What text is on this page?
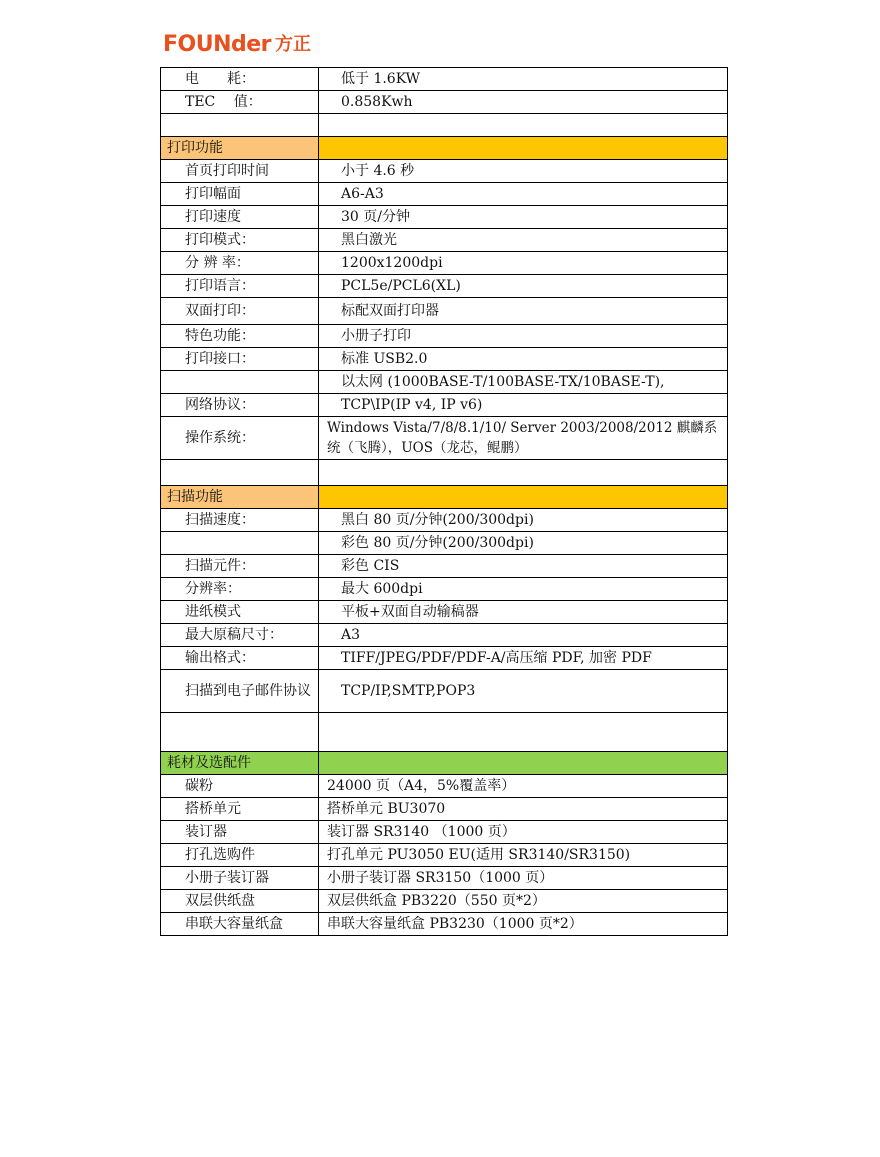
FOUNder 方正
电　　耗：	低于 1.6KW
TEC　 值：	0.858Kwh

打印功能	
首页打印时间	小于 4.6 秒
打印幅面	A6-A3
打印速度	30 页/分钟
打印模式：	黑白激光
分 辨 率：	1200x1200dpi
打印语言：	PCL5e/PCL6(XL)
双面打印：	标配双面打印器
特色功能：	小册子打印
打印接口：	标准 USB2.0
	以太网 (1000BASE-T/100BASE-TX/10BASE-T),
网络协议：	TCP\IP(IP v4, IP v6)
操作系统：	Windows Vista/7/8/8.1/10/ Server 2003/2008/2012 麒麟系统（飞腾），UOS（龙芯，鲲鹏）

扫描功能	
扫描速度：	黑白 80 页/分钟(200/300dpi)
	彩色 80 页/分钟(200/300dpi)
扫描元件：	彩色 CIS
分辨率：	最大 600dpi
进纸模式	平板+双面自动输稿器
最大原稿尺寸：	A3
输出格式：	TIFF/JPEG/PDF/PDF-A/高压缩 PDF, 加密 PDF
扫描到电子邮件协议	TCP/IP,SMTP,POP3

耗材及选配件	
碳粉	24000 页（A4，5%覆盖率）
搭桥单元	搭桥单元 BU3070
装订器	装订器 SR3140 （1000 页）
打孔选购件	打孔单元 PU3050 EU(适用 SR3140/SR3150)
小册子装订器	小册子装订器 SR3150（1000 页）
双层供纸盘	双层供纸盒 PB3220（550 页*2）
串联大容量纸盒	串联大容量纸盒 PB3230（1000 页*2）
